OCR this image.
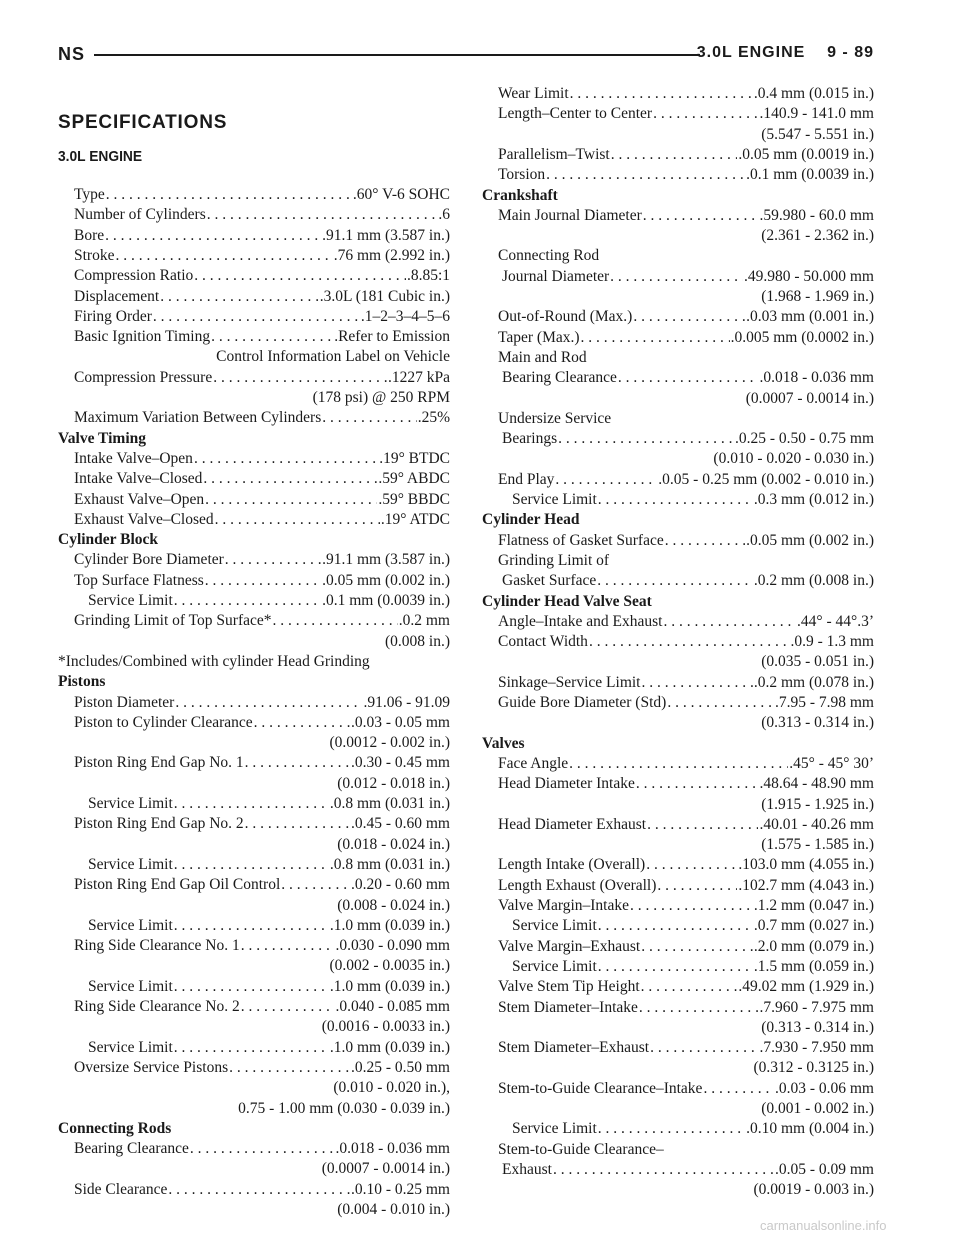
NS	3.0L ENGINE    9 - 89
SPECIFICATIONS
3.0L ENGINE
Type . . .	.60° V-6 SOHC
Number of Cylinders . . .	.6
Bore . . .	.91.1 mm (3.587 in.)
Stroke . . .	.76 mm (2.992 in.)
Compression Ratio . . .	.8.85:1
Displacement . . .	.3.0L (181 Cubic in.)
Firing Order . . .	.1–2–3–4–5–6
Basic Ignition Timing . . .	.Refer to Emission
Control Information Label on Vehicle
Compression Pressure . . .	.1227 kPa
(178 psi) @ 250 RPM
Maximum Variation Between Cylinders . . .	.25%
Valve Timing
Intake Valve–Open . . .	.19° BTDC
Intake Valve–Closed . . .	.59° ABDC
Exhaust Valve–Open . . .	.59° BBDC
Exhaust Valve–Closed . . .	.19° ATDC
Cylinder Block
Cylinder Bore Diameter . . .	.91.1 mm (3.587 in.)
Top Surface Flatness . . .	.0.05 mm (0.002 in.)
Service Limit . . .	.0.1 mm (0.0039 in.)
Grinding Limit of Top Surface* . . .	.0.2 mm
(0.008 in.)
*Includes/Combined with cylinder Head Grinding
Pistons
Piston Diameter . . .	.91.06 - 91.09
Piston to Cylinder Clearance . . .	.0.03 - 0.05 mm
(0.0012 - 0.002 in.)
Piston Ring End Gap No. 1 . . .	.0.30 - 0.45 mm
(0.012 - 0.018 in.)
Service Limit . . .	.0.8 mm (0.031 in.)
Piston Ring End Gap No. 2 . . .	.0.45 - 0.60 mm
(0.018 - 0.024 in.)
Service Limit . . .	.0.8 mm (0.031 in.)
Piston Ring End Gap Oil Control . . .	.0.20 - 0.60 mm
(0.008 - 0.024 in.)
Service Limit . . .	.1.0 mm (0.039 in.)
Ring Side Clearance No. 1 . . .	.0.030 - 0.090 mm
(0.002 - 0.0035 in.)
Service Limit . . .	.1.0 mm (0.039 in.)
Ring Side Clearance No. 2 . . .	.0.040 - 0.085 mm
(0.0016 - 0.0033 in.)
Service Limit . . .	.1.0 mm (0.039 in.)
Oversize Service Pistons . . .	.0.25 - 0.50 mm
(0.010 - 0.020 in.),
0.75 - 1.00 mm (0.030 - 0.039 in.)
Connecting Rods
Bearing Clearance . . .	.0.018 - 0.036 mm
(0.0007 - 0.0014 in.)
Side Clearance . . .	.0.10 - 0.25 mm
(0.004 - 0.010 in.)
Wear Limit . . .	.0.4 mm (0.015 in.)
Length–Center to Center . . .	.140.9 - 141.0 mm
(5.547 - 5.551 in.)
Parallelism–Twist . . .	.0.05 mm (0.0019 in.)
Torsion . . .	.0.1 mm (0.0039 in.)
Crankshaft
Main Journal Diameter . . .	.59.980 - 60.0 mm
(2.361 - 2.362 in.)
Connecting Rod
Journal Diameter . . .	.49.980 - 50.000 mm
(1.968 - 1.969 in.)
Out-of-Round (Max.) . . .	.0.03 mm (0.001 in.)
Taper (Max.) . . .	.0.005 mm (0.0002 in.)
Main and Rod
Bearing Clearance . . .	.0.018 - 0.036 mm
(0.0007 - 0.0014 in.)
Undersize Service
Bearings . . .	.0.25 - 0.50 - 0.75 mm
(0.010 - 0.020 - 0.030 in.)
End Play . . .	.0.05 - 0.25 mm (0.002 - 0.010 in.)
Service Limit . . .	.0.3 mm (0.012 in.)
Cylinder Head
Flatness of Gasket Surface . . .	.0.05 mm (0.002 in.)
Grinding Limit of
Gasket Surface . . .	.0.2 mm (0.008 in.)
Cylinder Head Valve Seat
Angle–Intake and Exhaust . . .	.44° - 44°.3’
Contact Width . . .	.0.9 - 1.3 mm
(0.035 - 0.051 in.)
Sinkage–Service Limit . . .	.0.2 mm (0.078 in.)
Guide Bore Diameter (Std) . . .	.7.95 - 7.98 mm
(0.313 - 0.314 in.)
Valves
Face Angle . . .	.45° - 45° 30’
Head Diameter Intake . . .	.48.64 - 48.90 mm
(1.915 - 1.925 in.)
Head Diameter Exhaust . . .	.40.01 - 40.26 mm
(1.575 - 1.585 in.)
Length Intake (Overall) . . .	.103.0 mm (4.055 in.)
Length Exhaust (Overall) . . .	.102.7 mm (4.043 in.)
Valve Margin–Intake . . .	.1.2 mm (0.047 in.)
Service Limit . . .	.0.7 mm (0.027 in.)
Valve Margin–Exhaust . . .	.2.0 mm (0.079 in.)
Service Limit . . .	.1.5 mm (0.059 in.)
Valve Stem Tip Height . . .	.49.02 mm (1.929 in.)
Stem Diameter–Intake . . .	.7.960 - 7.975 mm
(0.313 - 0.314 in.)
Stem Diameter–Exhaust . . .	.7.930 - 7.950 mm
(0.312 - 0.3125 in.)
Stem-to-Guide Clearance–Intake . . .	.0.03 - 0.06 mm
(0.001 - 0.002 in.)
Service Limit . . .	.0.10 mm (0.004 in.)
Stem-to-Guide Clearance–
Exhaust . . .	.0.05 - 0.09 mm
(0.0019 - 0.003 in.)
carmanualsonline.info
